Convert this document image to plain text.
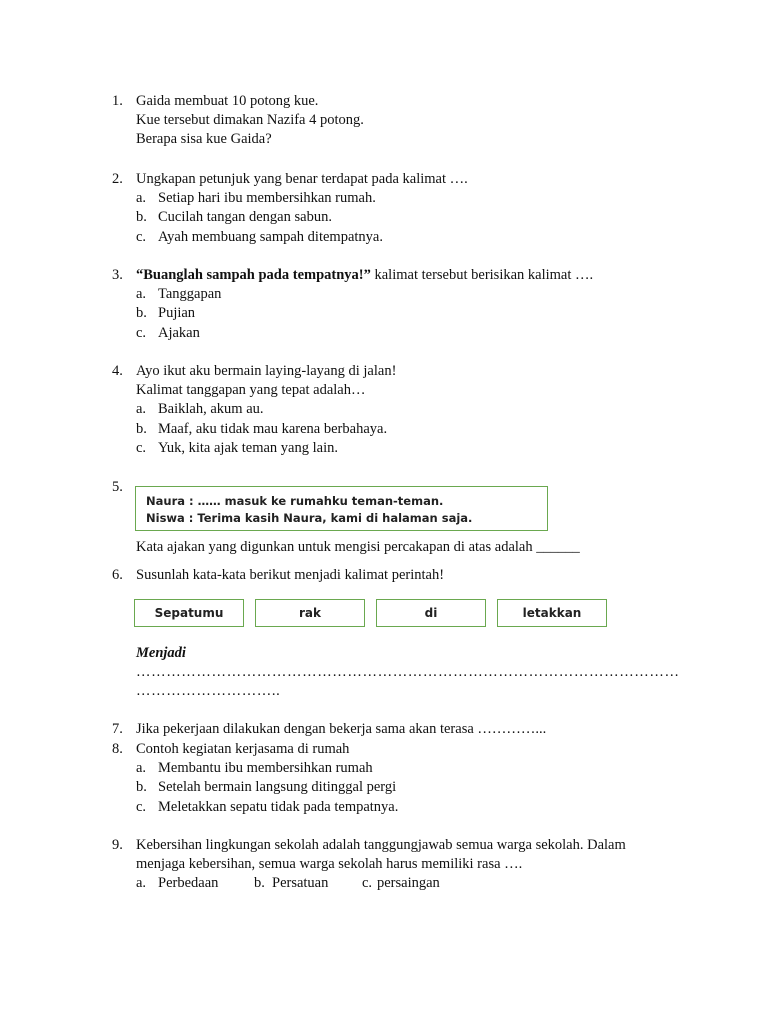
1. Gaida membuat 10 potong kue.
Kue tersebut dimakan Nazifa 4 potong.
Berapa sisa kue Gaida?
2. Ungkapan petunjuk yang benar terdapat pada kalimat ….
a. Setiap hari ibu membersihkan rumah.
b. Cucilah tangan dengan sabun.
c. Ayah membuang sampah ditempatnya.
3. “Buanglah sampah pada tempatnya!” kalimat tersebut berisikan kalimat ….
a. Tanggapan
b. Pujian
c. Ajakan
4. Ayo ikut aku bermain laying-layang di jalan!
Kalimat tanggapan yang tepat adalah…
a. Baiklah, akum au.
b. Maaf, aku tidak mau karena berbahaya.
c. Yuk, kita ajak teman yang lain.
5.
Naura : …… masuk ke rumahku teman-teman.
Niswa : Terima kasih Naura, kami di halaman saja.
Kata ajakan yang digunkan untuk mengisi percakapan di atas adalah ______
6. Susunlah kata-kata berikut menjadi kalimat perintah!
Sepatumu	rak	di	letakkan
Menjadi
………………………………………………………………………………………………
………………………..
7. Jika pekerjaan dilakukan dengan bekerja sama akan terasa …………...
8. Contoh kegiatan kerjasama di rumah
a. Membantu ibu membersihkan rumah
b. Setelah bermain langsung ditinggal pergi
c. Meletakkan sepatu tidak pada tempatnya.
9. Kebersihan lingkungan sekolah adalah tanggungjawab semua warga sekolah. Dalam
menjaga kebersihan, semua warga sekolah harus memiliki rasa ….
a. Perbedaan b. Persatuan c. persaingan
